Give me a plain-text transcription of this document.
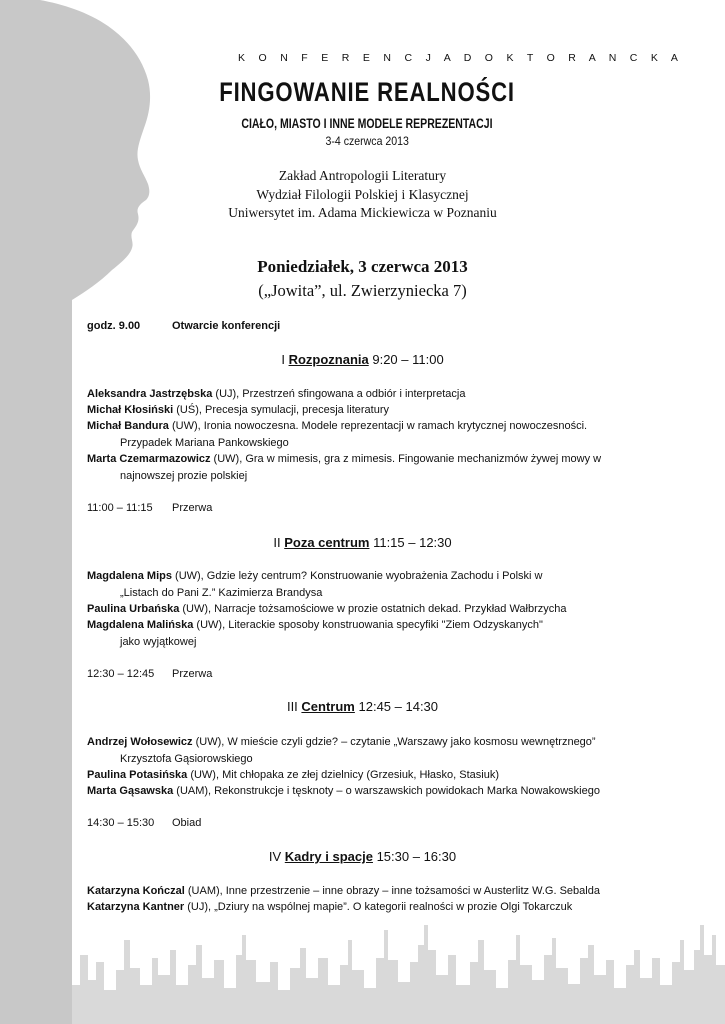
K O N F E R E N C J A D O K T O R A N C K A
FINGOWANIE REALNOŚCI
CIAŁO, MIASTO I INNE MODELE REPREZENTACJI
3-4 czerwca 2013
Zakład Antropologii Literatury
Wydział Filologii Polskiej i Klasycznej
Uniwersytet im. Adama Mickiewicza w Poznaniu
Poniedziałek, 3 czerwca 2013
(„Jowita”, ul. Zwierzyniecka 7)
godz. 9.00	Otwarcie konferencji
I Rozpoznania 9:20 – 11:00
Aleksandra Jastrzębska (UJ), Przestrzeń sfingowana a odbiór i interpretacja
Michał Kłosiński (UŚ), Precesja symulacji, precesja literatury
Michał Bandura (UW), Ironia nowoczesna. Modele reprezentacji w ramach krytycznej nowoczesności.
Przypadek Mariana Pankowskiego
Marta Czemarmazowicz (UW), Gra w mimesis, gra z mimesis. Fingowanie mechanizmów żywej mowy w
najnowszej prozie polskiej
11:00 – 11:15 Przerwa
II Poza centrum 11:15 – 12:30
Magdalena Mips (UW), Gdzie leży centrum? Konstruowanie wyobrażenia Zachodu i Polski w
„Listach do Pani Z.” Kazimierza Brandysa
Paulina Urbańska (UW), Narracje tożsamościowe w prozie ostatnich dekad. Przykład Wałbrzycha
Magdalena Malińska (UW), Literackie sposoby konstruowania specyfiki "Ziem Odzyskanych"
jako wyjątkowej
12:30 – 12:45 Przerwa
III Centrum 12:45 – 14:30
Andrzej Wołosewicz (UW), W mieście czyli gdzie? – czytanie „Warszawy jako kosmosu wewnętrznego”
Krzysztofa Gąsiorowskiego
Paulina Potasińska (UW), Mit chłopaka ze złej dzielnicy (Grzesiuk, Hłasko, Stasiuk)
Marta Gąsawska (UAM), Rekonstrukcje i tęsknoty – o warszawskich powidokach Marka Nowakowskiego
14:30 – 15:30 Obiad
IV Kadry i spacje 15:30 – 16:30
Katarzyna Kończal (UAM), Inne przestrzenie – inne obrazy – inne tożsamości w Austerlitz W.G. Sebalda
Katarzyna Kantner (UJ), „Dziury na wspólnej mapie”. O kategorii realności w prozie Olgi Tokarczuk
